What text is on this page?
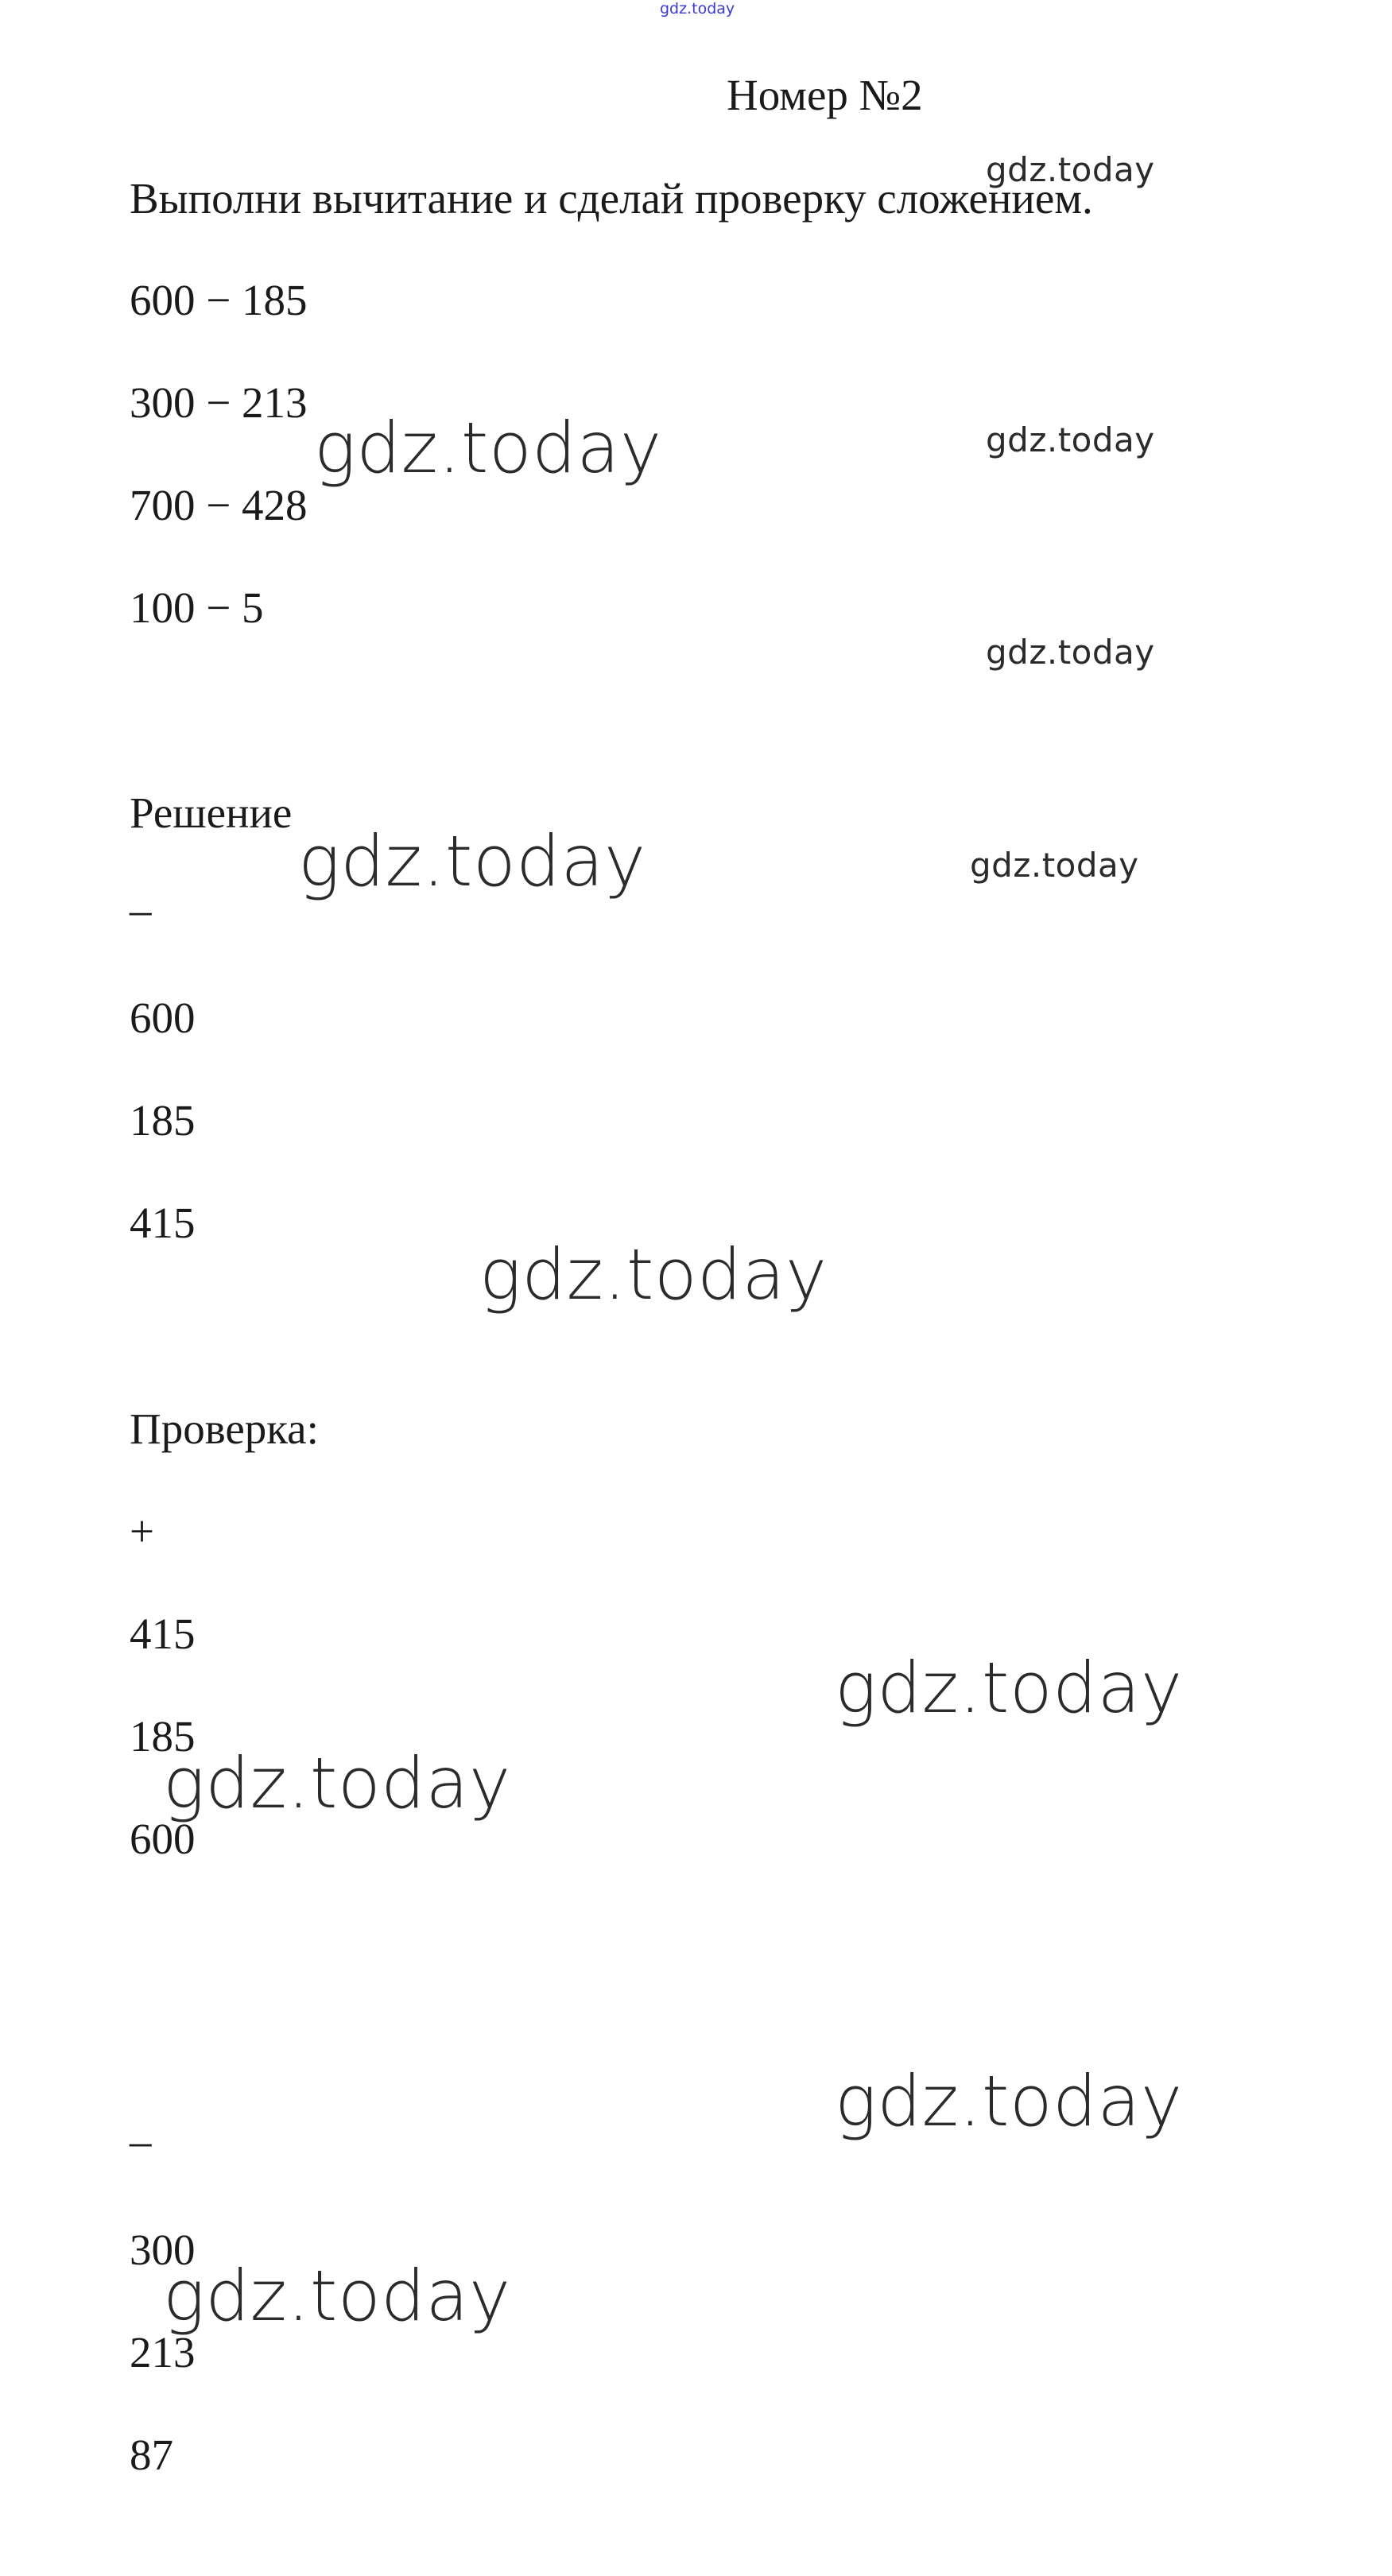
gdz.today
Номер №2
Выполни вычитание и сделай проверку сложением.
600 − 185
300 − 213
700 − 428
100 − 5
Решение
–
600
185
415
Проверка:
+
415
185
600
–
300
213
87
gdz.today
gdz.today	gdz.today
gdz.today
gdz.today	gdz.today
gdz.today
gdz.today
gdz.today
gdz.today
gdz.today
